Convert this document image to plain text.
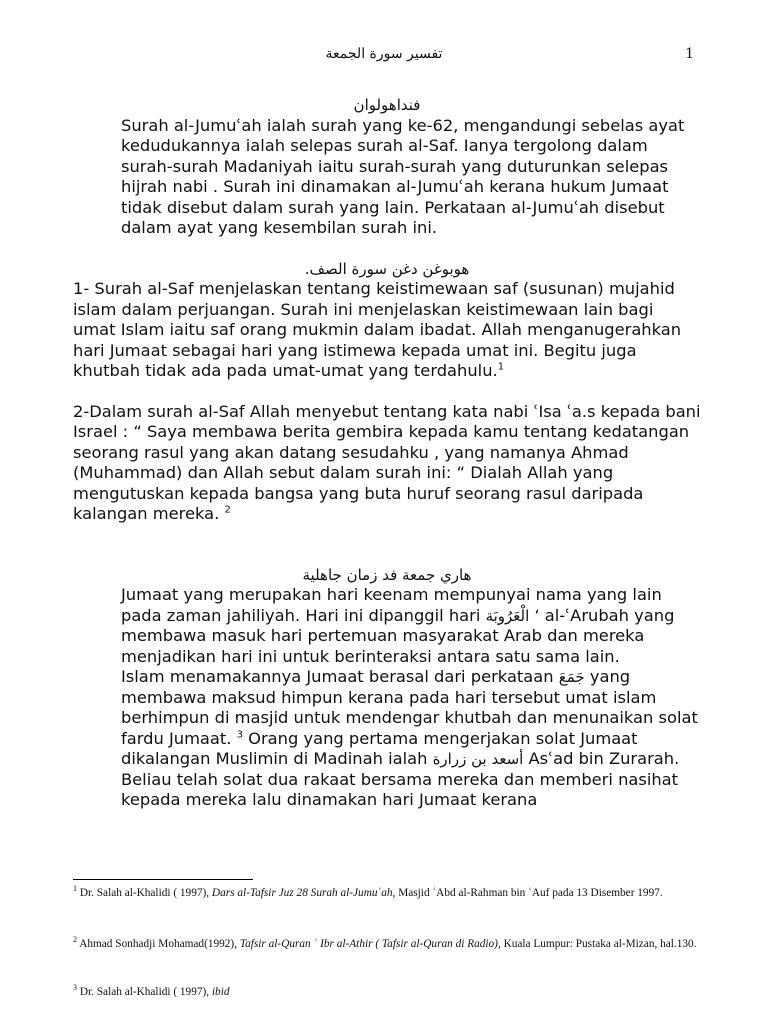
تفسير سورة الجمعة	1
فنداهولوان
Surah al-Jumuʿah ialah surah yang ke-62, mengandungi sebelas ayat kedudukannya ialah selepas surah al-Saf. Ianya tergolong dalam surah-surah Madaniyah iaitu surah-surah yang duturunkan selepas hijrah nabi . Surah ini dinamakan al-Jumuʿah kerana hukum Jumaat tidak disebut dalam surah yang lain. Perkataan al-Jumuʿah disebut dalam ayat yang kesembilan surah ini.
هوبوغن دغن سورة الصف.
1- Surah al-Saf menjelaskan tentang keistimewaan saf (susunan) mujahid islam dalam perjuangan. Surah ini menjelaskan keistimewaan lain bagi umat Islam iaitu saf orang mukmin dalam ibadat. Allah menganugerahkan hari Jumaat sebagai hari yang istimewa kepada umat ini. Begitu juga khutbah tidak ada pada umat-umat yang terdahulu.$^1$
2-Dalam surah al-Saf Allah menyebut tentang kata nabi ʿIsa ʿa.s kepada bani Israel : “ Saya membawa berita gembira kepada kamu tentang kedatangan seorang rasul yang akan datang sesudahku , yang namanya Ahmad (Muhammad) dan Allah sebut dalam surah ini: “ Dialah Allah yang mengutuskan kepada bangsa yang buta huruf seorang rasul daripada kalangan mereka. $^2$
هاري جمعة فد زمان جاهلية
Jumaat yang merupakan hari keenam mempunyai nama yang lain pada zaman jahiliyah. Hari ini dipanggil hari الْعَرُوبَة ‘ al-ʿArubah yang membawa masuk hari pertemuan masyarakat Arab dan mereka menjadikan hari ini untuk berinteraksi antara satu sama lain.
Islam menamakannya Jumaat berasal dari perkataan جَمَعَ yang membawa maksud himpun kerana pada hari tersebut umat islam berhimpun di masjid untuk mendengar khutbah dan menunaikan solat fardu Jumaat. $^3$ Orang yang pertama mengerjakan solat Jumaat dikalangan Muslimin di Madinah ialah أسعد بن زرارة Asʿad bin Zurarah. Beliau telah solat dua rakaat bersama mereka dan memberi nasihat kepada mereka lalu dinamakan hari Jumaat kerana
$^1$ Dr. Salah al-Khalidi ( 1997), Dars al-Tafsir Juz 28 Surah al-Jumuʿah, Masjid ʿAbd al-Rahman bin ʿAuf pada 13 Disember 1997.
$^2$ Ahmad Sonhadji Mohamad(1992), Tafsir al-Quran ʿ Ibr al-Athir ( Tafsir al-Quran di Radio), Kuala Lumpur: Pustaka al-Mizan, hal.130.
$^3$ Dr. Salah al-Khalidi ( 1997), ibid
